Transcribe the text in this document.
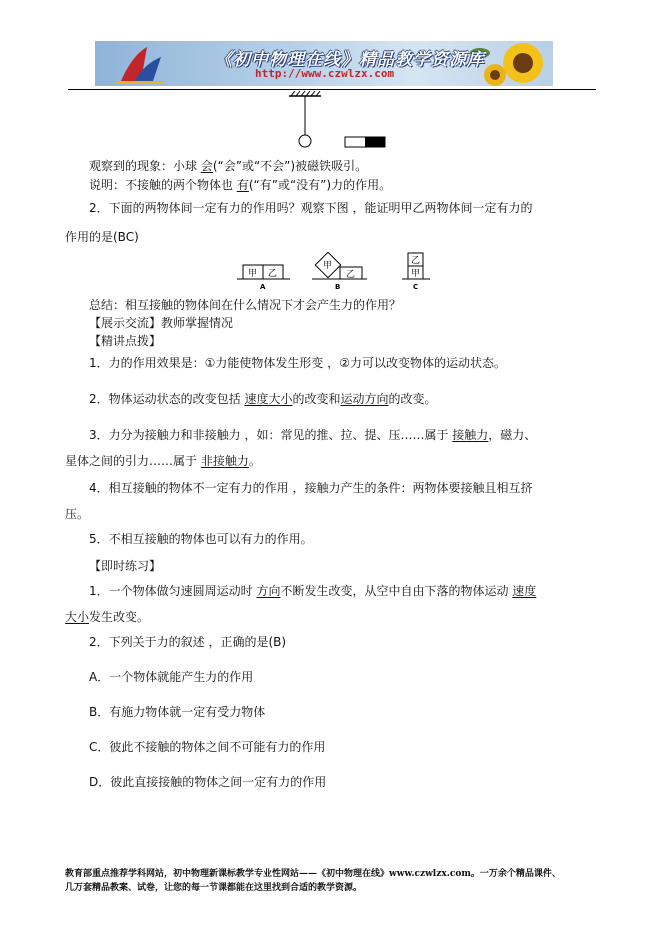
《初中物理在线》精品教学资源库
http://www.czwlzx.com
观察到的现象：小球 会(“会”或“不会”)被磁铁吸引。
说明：不接触的两个物体也 有(“有”或“没有”)力的作用。
2．下面的两物体间一定有力的作用吗？观察下图 ，能证明甲乙两物体间一定有力的
作用的是(BC)
甲 乙
A
甲
乙
B
乙
甲
C
总结：相互接触的物体间在什么情况下才会产生力的作用？
【展示交流】教师掌握情况
【精讲点拨】
1．力的作用效果是：①力能使物体发生形变 ，②力可以改变物体的运动状态。
2．物体运动状态的改变包括 速度大小的改变和运动方向的改变。
3．力分为接触力和非接触力 ，如：常见的推、拉、提、压……属于 接触力，磁力、
星体之间的引力……属于 非接触力。
4．相互接触的物体不一定有力的作用 ，接触力产生的条件：两物体要接触且相互挤
压。
5．不相互接触的物体也可以有力的作用。
【即时练习】
1．一个物体做匀速圆周运动时 方向不断发生改变，从空中自由下落的物体运动 速度
大小发生改变。
2．下列关于力的叙述 ，正确的是(B)
A．一个物体就能产生力的作用
B．有施力物体就一定有受力物体
C．彼此不接触的物体之间不可能有力的作用
D．彼此直接接触的物体之间一定有力的作用
教育部重点推荐学科网站，初中物理新课标教学专业性网站——《初中物理在线》www.czwlzx.com。一万余个精品课件、
几万套精品教案、试卷，让您的每一节课都能在这里找到合适的教学资源。
